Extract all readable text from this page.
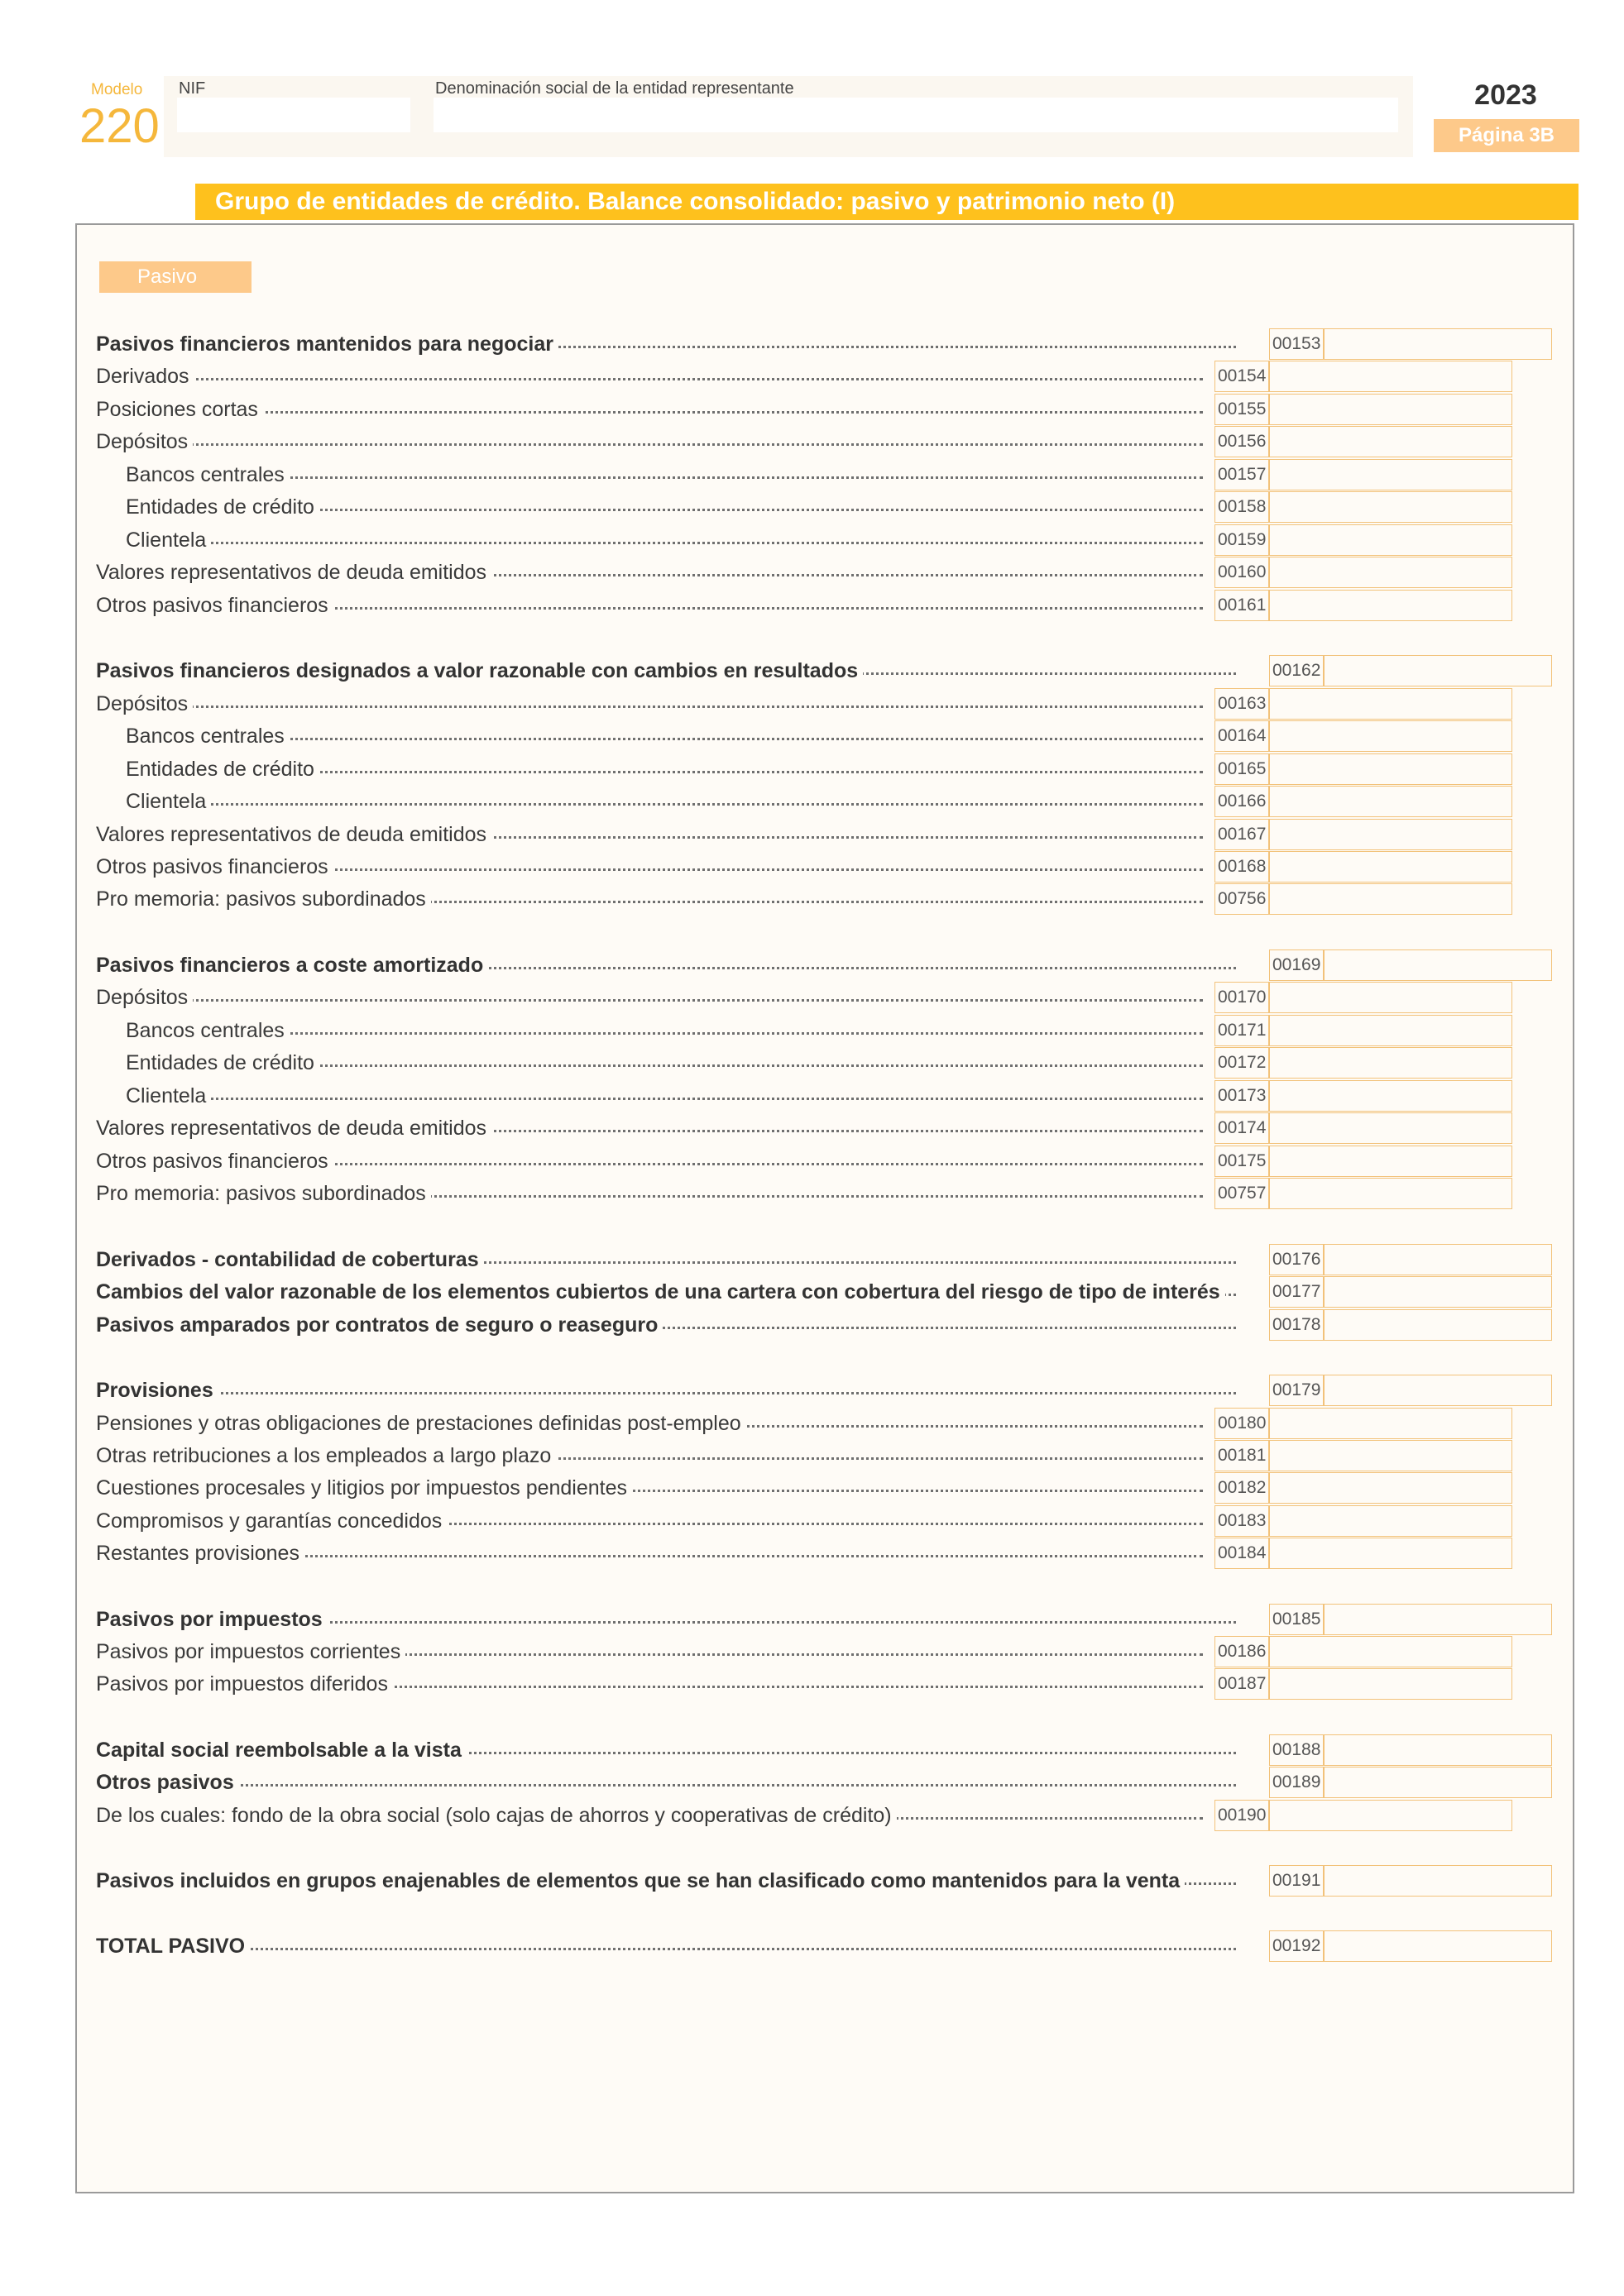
Modelo
220
NIF	Denominación social de la entidad representante	2023
Página 3B
Grupo de entidades de crédito. Balance consolidado: pasivo y patrimonio neto (I)
Pasivo
Pasivos financieros mantenidos para negociar	00153
Derivados	00154
Posiciones cortas	00155
Depósitos	00156
Bancos centrales	00157
Entidades de crédito	00158
Clientela	00159
Valores representativos de deuda emitidos	00160
Otros pasivos financieros	00161
Pasivos financieros designados a valor razonable con cambios en resultados	00162
Depósitos	00163
Bancos centrales	00164
Entidades de crédito	00165
Clientela	00166
Valores representativos de deuda emitidos	00167
Otros pasivos financieros	00168
Pro memoria: pasivos subordinados	00756
Pasivos financieros a coste amortizado	00169
Depósitos	00170
Bancos centrales	00171
Entidades de crédito	00172
Clientela	00173
Valores representativos de deuda emitidos	00174
Otros pasivos financieros	00175
Pro memoria: pasivos subordinados	00757
Derivados - contabilidad de coberturas	00176
Cambios del valor razonable de los elementos cubiertos de una cartera con cobertura del riesgo de tipo de interés	00177
Pasivos amparados por contratos de seguro o reaseguro	00178
Provisiones	00179
Pensiones y otras obligaciones de prestaciones definidas post-empleo	00180
Otras retribuciones a los empleados a largo plazo	00181
Cuestiones procesales y litigios por impuestos pendientes	00182
Compromisos y garantías concedidos	00183
Restantes provisiones	00184
Pasivos por impuestos	00185
Pasivos por impuestos corrientes	00186
Pasivos por impuestos diferidos	00187
Capital social reembolsable a la vista	00188
Otros pasivos	00189
De los cuales: fondo de la obra social (solo cajas de ahorros y cooperativas de crédito)	00190
Pasivos incluidos en grupos enajenables de elementos que se han clasificado como mantenidos para la venta	00191
TOTAL PASIVO	00192
